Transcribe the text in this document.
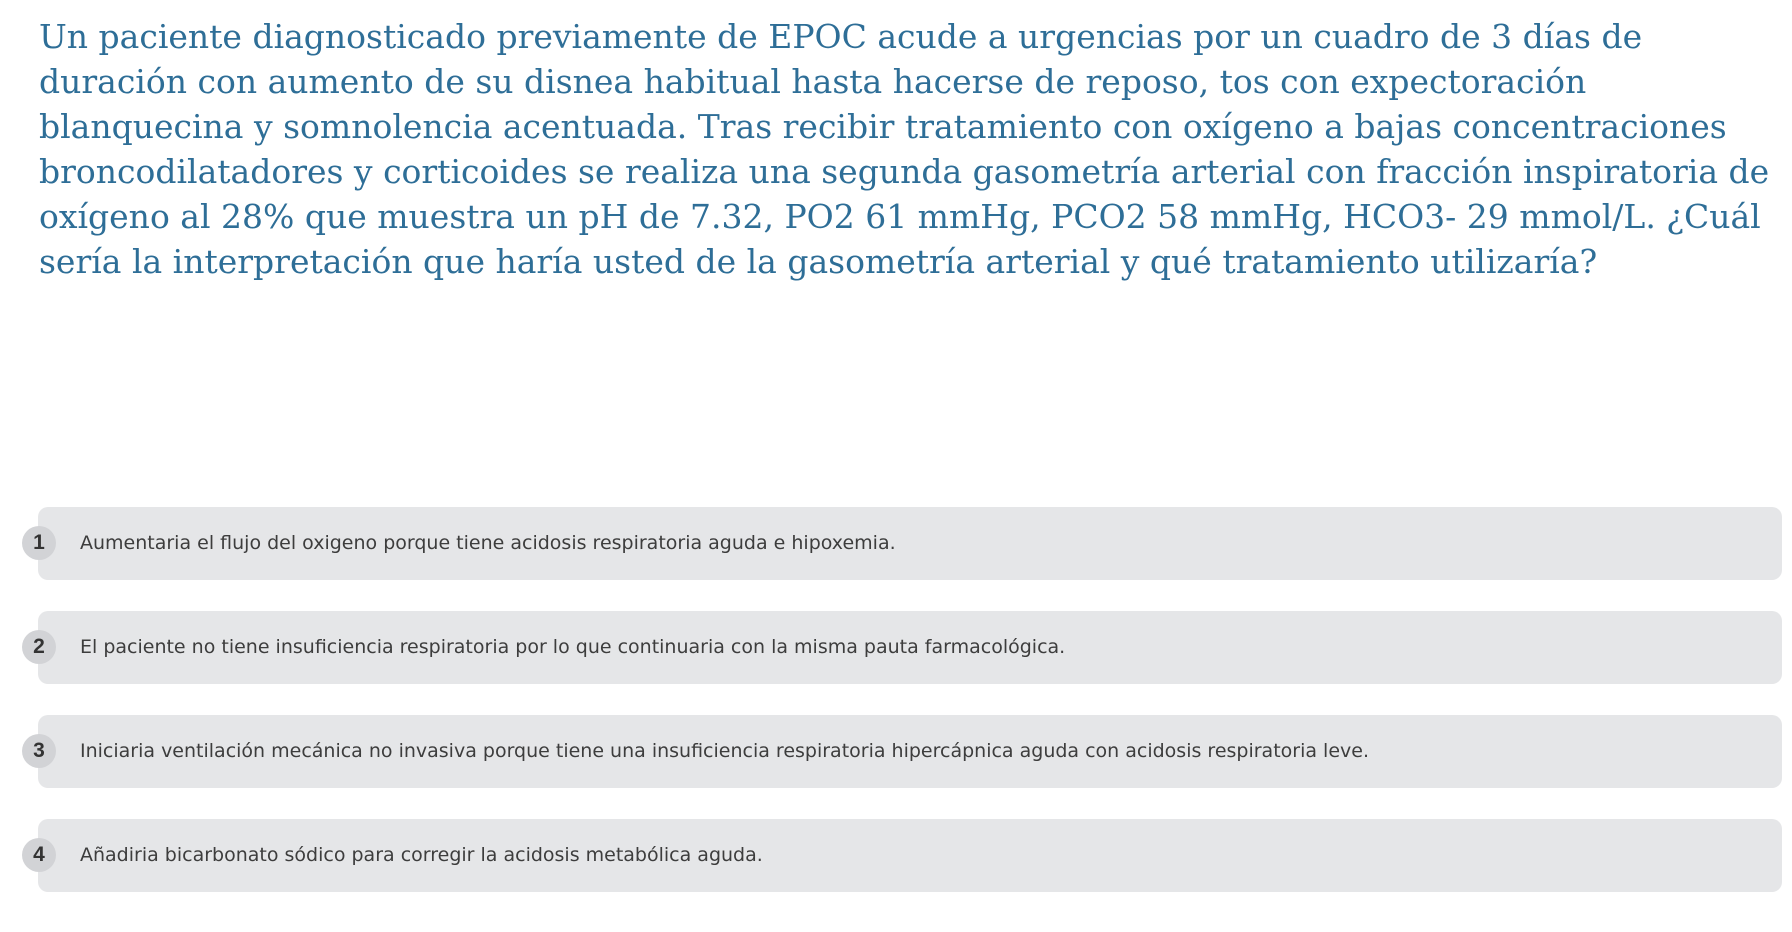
Un paciente diagnosticado previamente de EPOC acude a urgencias por un cuadro de 3 días de duración con aumento de su disnea habitual hasta hacerse de reposo, tos con expectoración blanquecina y somnolencia acentuada. Tras recibir tratamiento con oxígeno a bajas concentraciones broncodilatadores y corticoides se realiza una segunda gasometría arterial con fracción inspiratoria de oxígeno al 28% que muestra un pH de 7.32, PO2 61 mmHg, PCO2 58 mmHg, HCO3- 29 mmol/L. ¿Cuál sería la interpretación que haría usted de la gasometría arterial y qué tratamiento utilizaría?

1	Aumentaria el flujo del oxigeno porque tiene acidosis respiratoria aguda e hipoxemia.
2	El paciente no tiene insuficiencia respiratoria por lo que continuaria con la misma pauta farmacológica.
3	Iniciaria ventilación mecánica no invasiva porque tiene una insuficiencia respiratoria hipercápnica aguda con acidosis respiratoria leve.
4	Añadiria bicarbonato sódico para corregir la acidosis metabólica aguda.
